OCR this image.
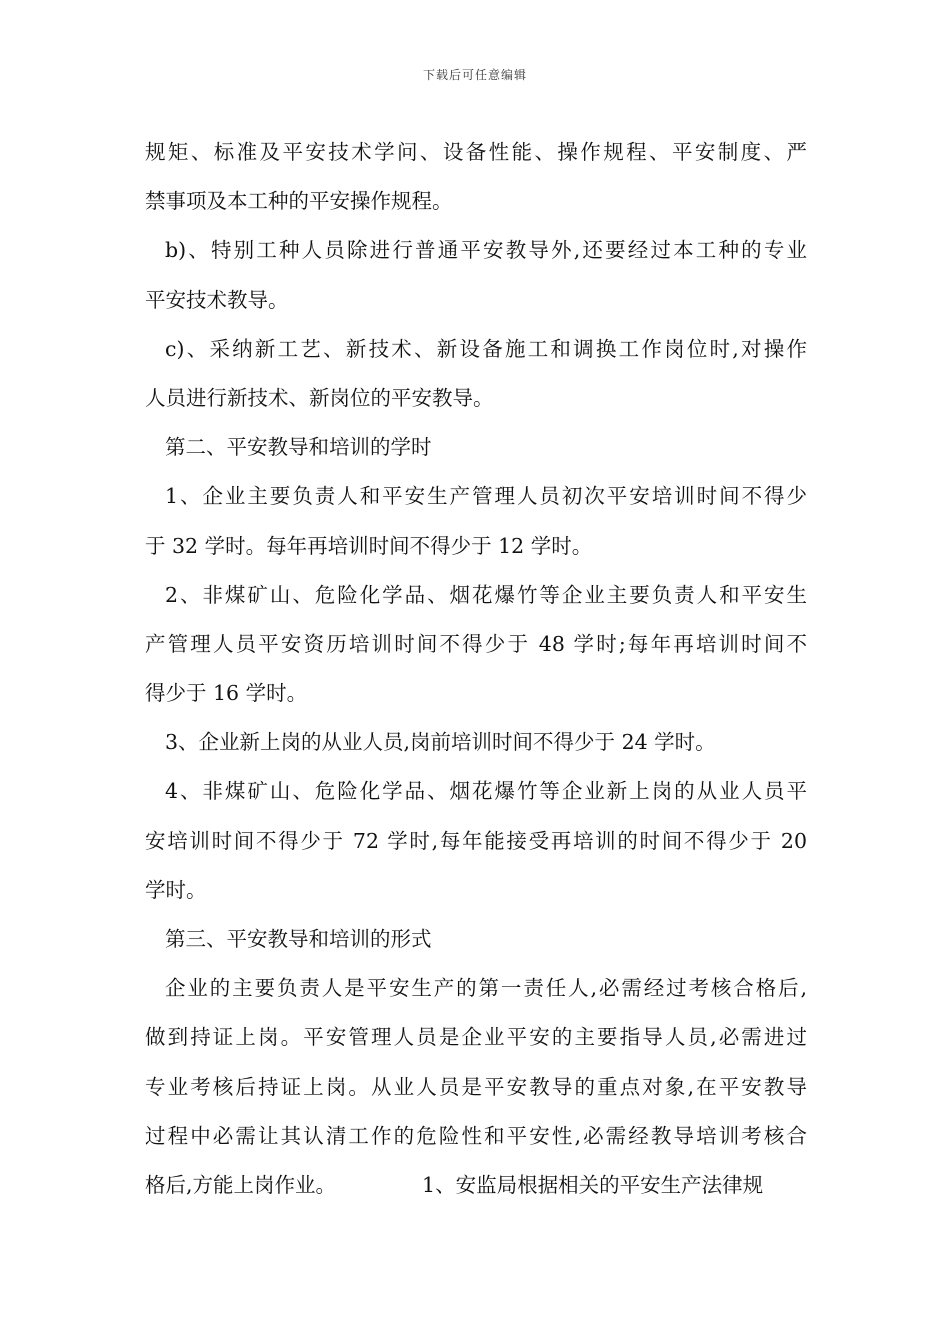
下载后可任意编辑
规矩、标准及平安技术学问、设备性能、操作规程、平安制度、严
禁事项及本工种的平安操作规程。
b)、特别工种人员除进行普通平安教导外,还要经过本工种的专业
平安技术教导。
c)、采纳新工艺、新技术、新设备施工和调换工作岗位时,对操作
人员进行新技术、新岗位的平安教导。
第二、平安教导和培训的学时
1、企业主要负责人和平安生产管理人员初次平安培训时间不得少
于 32 学时。每年再培训时间不得少于 12 学时。
2、非煤矿山、危险化学品、烟花爆竹等企业主要负责人和平安生
产管理人员平安资历培训时间不得少于 48 学时;每年再培训时间不
得少于 16 学时。
3、企业新上岗的从业人员,岗前培训时间不得少于 24 学时。
4、非煤矿山、危险化学品、烟花爆竹等企业新上岗的从业人员平
安培训时间不得少于 72 学时,每年能接受再培训的时间不得少于 20
学时。
第三、平安教导和培训的形式
企业的主要负责人是平安生产的第一责任人,必需经过考核合格后,
做到持证上岗。平安管理人员是企业平安的主要指导人员,必需进过
专业考核后持证上岗。从业人员是平安教导的重点对象,在平安教导
过程中必需让其认清工作的危险性和平安性,必需经教导培训考核合
格后,方能上岗作业。	1、安监局根据相关的平安生产法律规
